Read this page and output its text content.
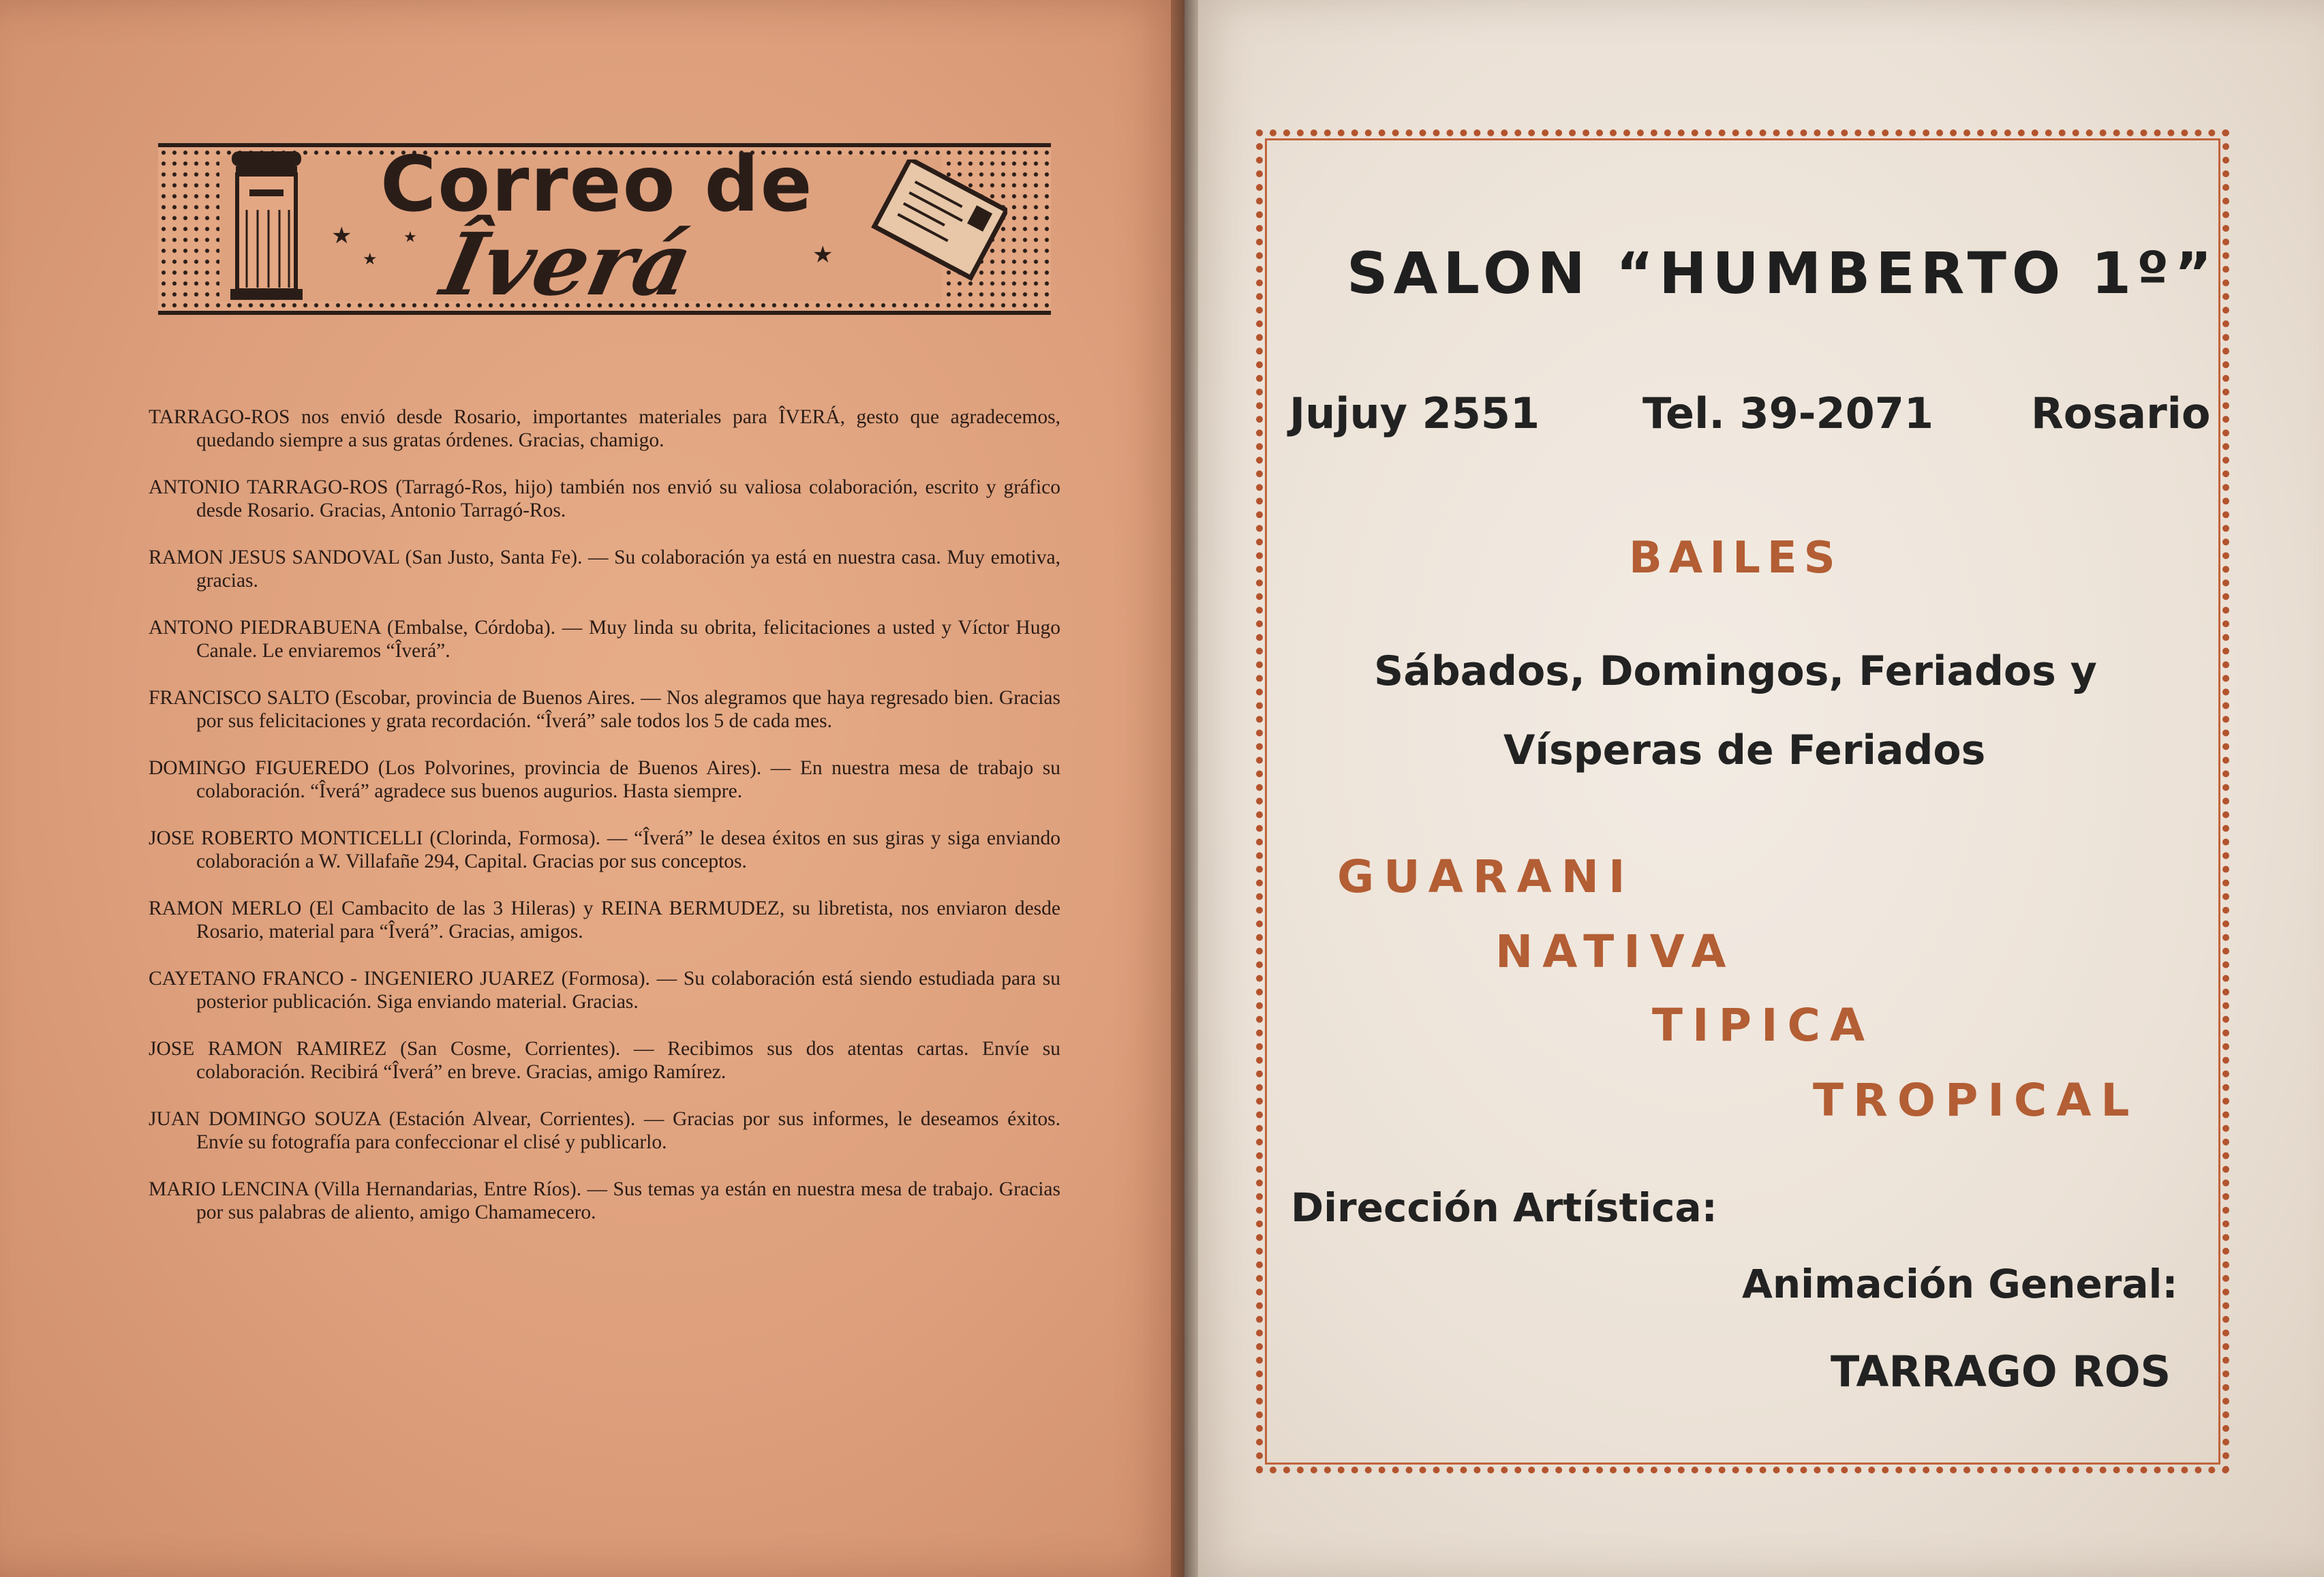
★
★
★
★
Correo de
Îverá

TARRAGO-ROS nos envió desde Rosario, importantes materiales para ÎVERÁ, gesto que agradecemos, quedando siempre a sus gratas órdenes. Gracias, chamigo.

ANTONIO TARRAGO-ROS (Tarragó-Ros, hijo) también nos envió su valiosa colaboración, escrito y gráfico desde Rosario. Gracias, Antonio Tarragó-Ros.

RAMON JESUS SANDOVAL (San Justo, Santa Fe). — Su colaboración ya está en nuestra casa. Muy emotiva, gracias.

ANTONO PIEDRABUENA (Embalse, Córdoba). — Muy linda su obrita, felicitaciones a usted y Víctor Hugo Canale. Le enviaremos “Îverá”.

FRANCISCO SALTO (Escobar, provincia de Buenos Aires. — Nos alegramos que haya regresado bien. Gracias por sus felicitaciones y grata recordación. “Îverá” sale todos los 5 de cada mes.

DOMINGO FIGUEREDO (Los Polvorines, provincia de Buenos Aires). — En nuestra mesa de trabajo su colaboración. “Îverá” agradece sus buenos augurios. Hasta siempre.

JOSE ROBERTO MONTICELLI (Clorinda, Formosa). — “Îverá” le desea éxitos en sus giras y siga enviando colaboración a W. Villafañe 294, Capital. Gracias por sus conceptos.

RAMON MERLO (El Cambacito de las 3 Hileras) y REINA BERMUDEZ, su libretista, nos enviaron desde Rosario, material para “Îverá”. Gracias, amigos.

CAYETANO FRANCO - INGENIERO JUAREZ (Formosa). — Su colaboración está siendo estudiada para su posterior publicación. Siga enviando material. Gracias.

JOSE RAMON RAMIREZ (San Cosme, Corrientes). — Recibimos sus dos atentas cartas. Envíe su colaboración. Recibirá “Îverá” en breve. Gracias, amigo Ramírez.

JUAN DOMINGO SOUZA (Estación Alvear, Corrientes). — Gracias por sus informes, le deseamos éxitos. Envíe su fotografía para confeccionar el clisé y publicarlo.

MARIO LENCINA (Villa Hernandarias, Entre Ríos). — Sus temas ya están en nuestra mesa de trabajo. Gracias por sus palabras de aliento, amigo Chamamecero.

SALON “HUMBERTO 1º”
Jujuy 2551 Tel. 39-2071 Rosario
BAILES
Sábados, Domingos, Feriados y
Vísperas de Feriados
GUARANI
NATIVA
TIPICA
TROPICAL
Dirección Artística:
Animación General:
TARRAGO ROS
